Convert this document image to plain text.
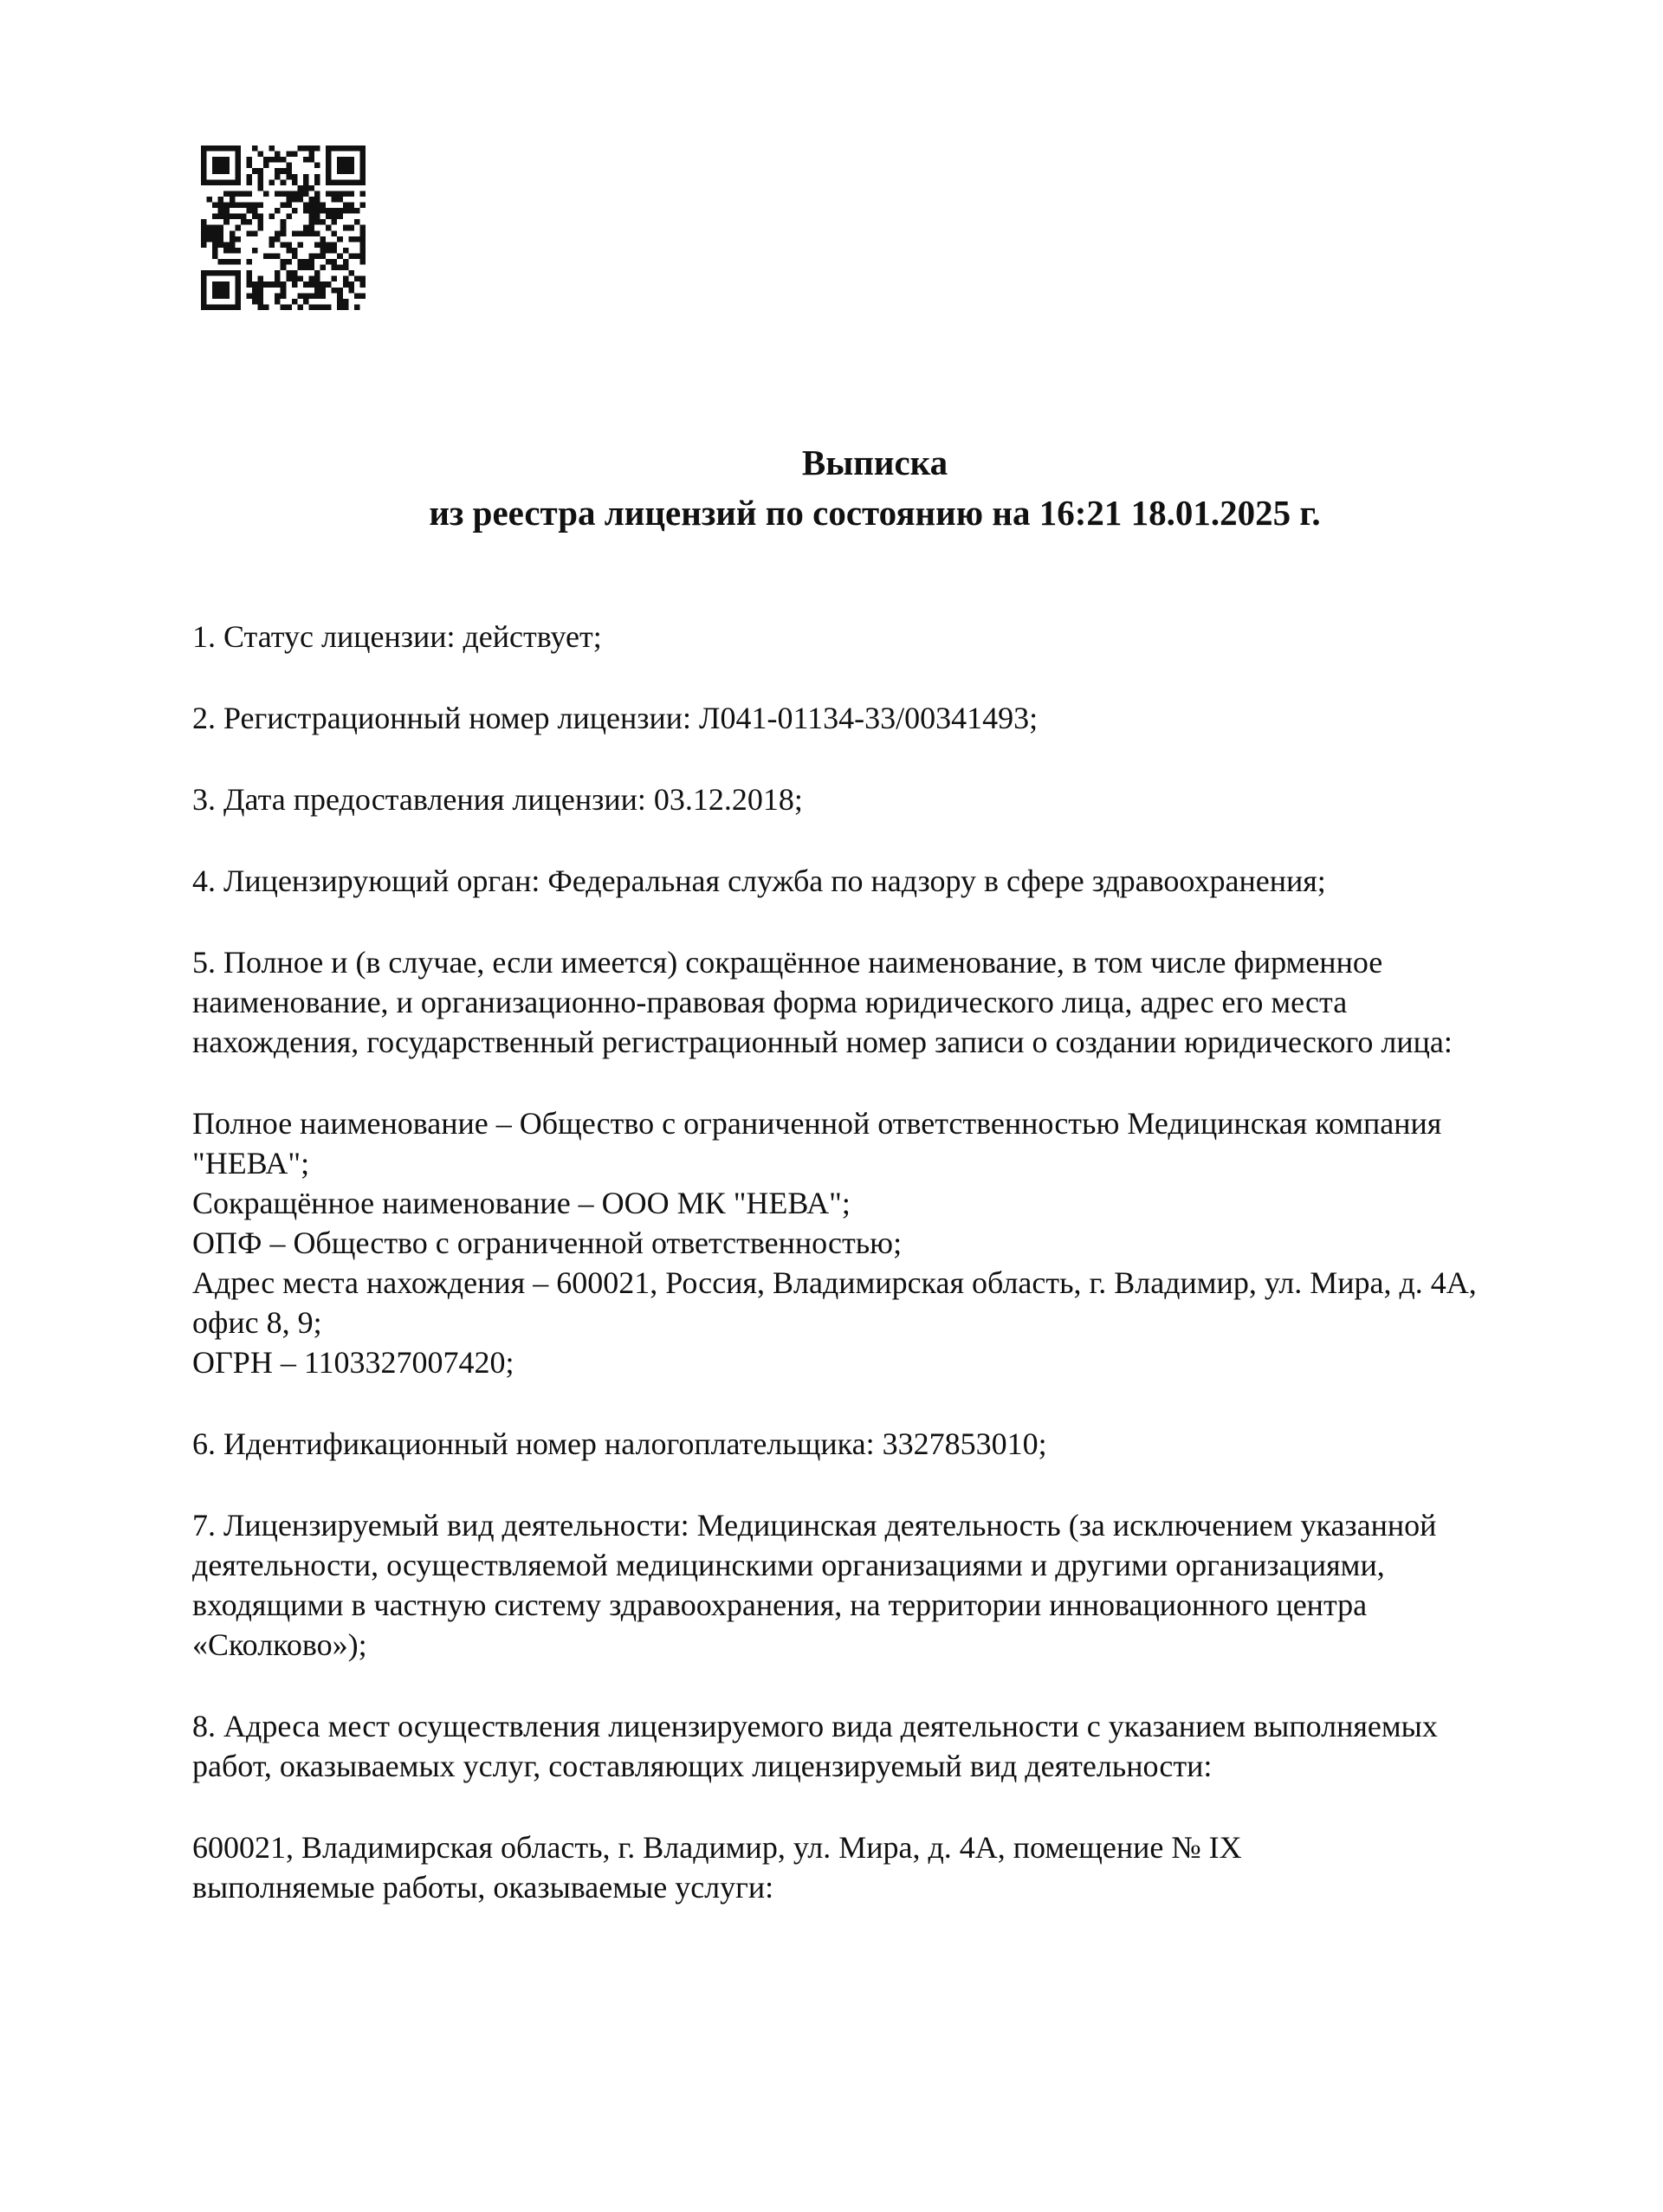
Выписка
из реестра лицензий по состоянию на 16:21 18.01.2025 г.

1. Статус лицензии: действует;

2. Регистрационный номер лицензии: Л041-01134-33/00341493;

3. Дата предоставления лицензии: 03.12.2018;

4. Лицензирующий орган: Федеральная служба по надзору в сфере здравоохранения;

5. Полное и (в случае, если имеется) сокращённое наименование, в том числе фирменное
наименование, и организационно-правовая форма юридического лица, адрес его места
нахождения, государственный регистрационный номер записи о создании юридического лица:

Полное наименование – Общество с ограниченной ответственностью Медицинская компания
"НЕВА";
Сокращённое наименование – ООО МК "НЕВА";
ОПФ – Общество с ограниченной ответственностью;
Адрес места нахождения – 600021, Россия, Владимирская область, г. Владимир, ул. Мира, д. 4А,
офис 8, 9;
ОГРН – 1103327007420;

6. Идентификационный номер налогоплательщика: 3327853010;

7. Лицензируемый вид деятельности: Медицинская деятельность (за исключением указанной
деятельности, осуществляемой медицинскими организациями и другими организациями,
входящими в частную систему здравоохранения, на территории инновационного центра
«Сколково»);

8. Адреса мест осуществления лицензируемого вида деятельности с указанием выполняемых
работ, оказываемых услуг, составляющих лицензируемый вид деятельности:

600021, Владимирская область, г. Владимир, ул. Мира, д. 4А, помещение № IX
выполняемые работы, оказываемые услуги:
